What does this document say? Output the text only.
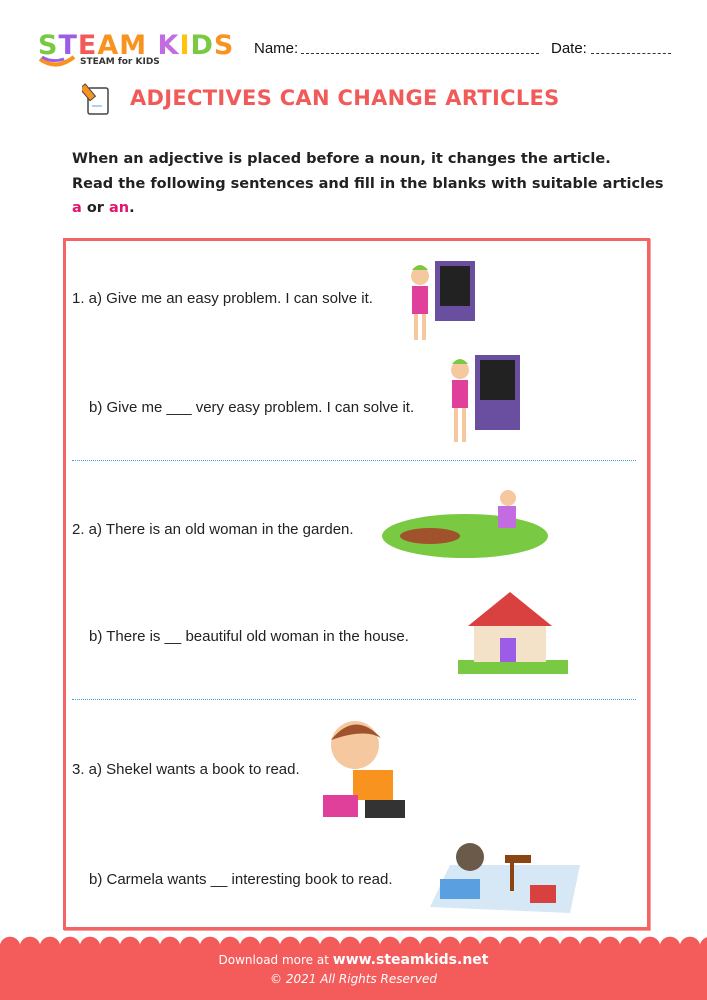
STEAM KIDS
STEAM for KIDS
Name:	Date:
ADJECTIVES CAN CHANGE ARTICLES
When an adjective is placed before a noun, it changes the article.
Read the following sentences and fill in the blanks with suitable articles
a or an.
1. a) Give me an easy problem. I can solve it.
b) Give me ___ very easy problem. I can solve it.
2. a) There is an old woman in the garden.
b) There is __ beautiful old woman in the house.
3. a) Shekel wants a book to read.
b) Carmela wants __ interesting book to read.
Download more at www.steamkids.net
© 2021 All Rights Reserved
